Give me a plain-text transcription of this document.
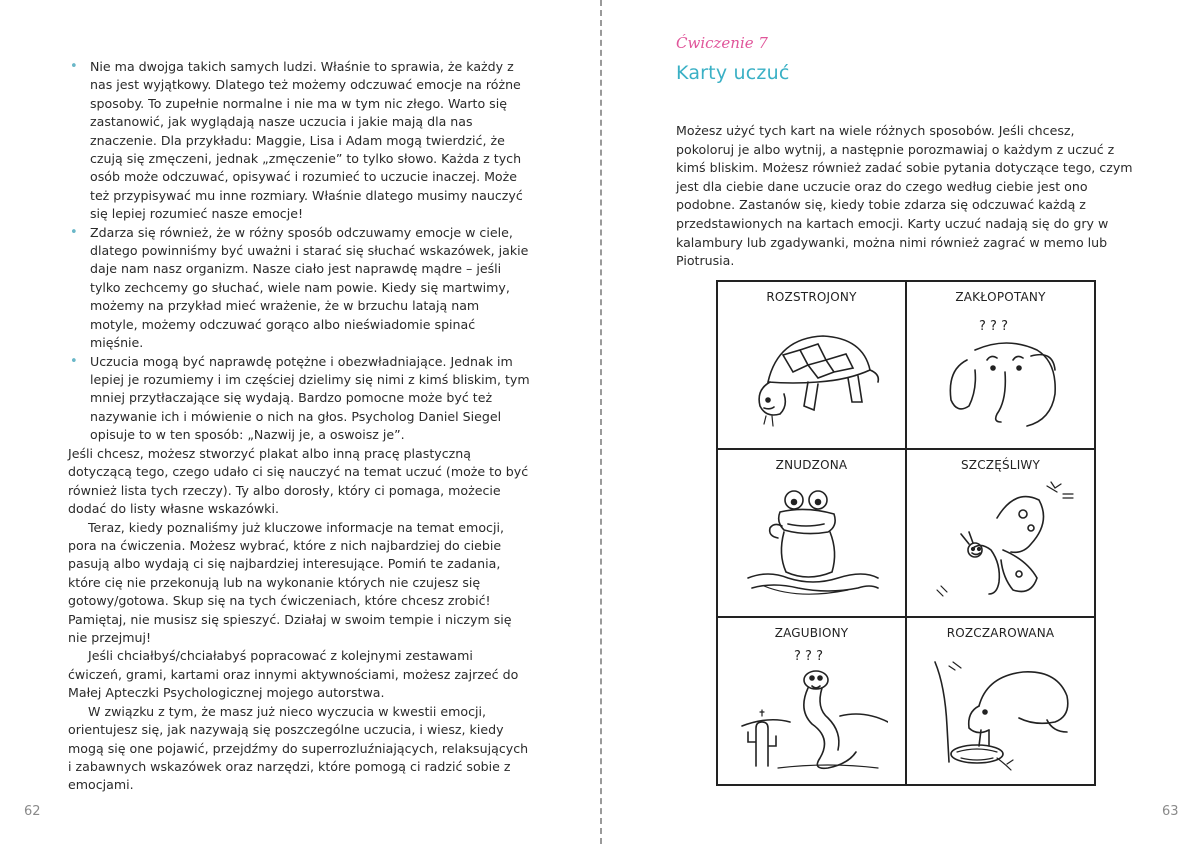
• Nie ma dwojga takich samych ludzi. Właśnie to sprawia, że każdy z nas jest wyjątkowy. Dlatego też możemy odczuwać emocje na różne sposoby. To zupełnie normalne i nie ma w tym nic złego. Warto się zastanowić, jak wyglądają nasze uczucia i jakie mają dla nas znaczenie. Dla przykładu: Maggie, Lisa i Adam mogą twierdzić, że czują się zmęczeni, jednak „zmęczenie” to tylko słowo. Każda z tych osób może odczuwać, opisywać i rozumieć to uczucie inaczej. Może też przypisywać mu inne rozmiary. Właśnie dlatego musimy nauczyć się lepiej rozumieć nasze emocje!
• Zdarza się również, że w różny sposób odczuwamy emocje w ciele, dlatego powinniśmy być uważni i starać się słuchać wskazówek, jakie daje nam nasz organizm. Nasze ciało jest naprawdę mądre – jeśli tylko zechcemy go słuchać, wiele nam powie. Kiedy się martwimy, możemy na przykład mieć wrażenie, że w brzuchu latają nam motyle, możemy odczuwać gorąco albo nieświadomie spinać mięśnie.
• Uczucia mogą być naprawdę potężne i obezwładniające. Jednak im lepiej je rozumiemy i im częściej dzielimy się nimi z kimś bliskim, tym mniej przytłaczające się wydają. Bardzo pomocne może być też nazywanie ich i mówienie o nich na głos. Psycholog Daniel Siegel opisuje to w ten sposób: „Nazwij je, a oswoisz je”.

Jeśli chcesz, możesz stworzyć plakat albo inną pracę plastyczną dotyczącą tego, czego udało ci się nauczyć na temat uczuć (może to być również lista tych rzeczy). Ty albo dorosły, który ci pomaga, możecie dodać do listy własne wskazówki.

Teraz, kiedy poznaliśmy już kluczowe informacje na temat emocji, pora na ćwiczenia. Możesz wybrać, które z nich najbardziej do ciebie pasują albo wydają ci się najbardziej interesujące. Pomiń te zadania, które cię nie przekonują lub na wykonanie których nie czujesz się gotowy/gotowa. Skup się na tych ćwiczeniach, które chcesz zrobić! Pamiętaj, nie musisz się spieszyć. Działaj w swoim tempie i niczym się nie przejmuj!

Jeśli chciałbyś/chciałabyś popracować z kolejnymi zestawami ćwiczeń, grami, kartami oraz innymi aktywnościami, możesz zajrzeć do Małej Apteczki Psychologicznej mojego autorstwa.

W związku z tym, że masz już nieco wyczucia w kwestii emocji, orientujesz się, jak nazywają się poszczególne uczucia, i wiesz, kiedy mogą się one pojawić, przejdźmy do superrozluźniających, relaksujących i zabawnych wskazówek oraz narzędzi, które pomogą ci radzić sobie z emocjami.

62
Ćwiczenie 7
Karty uczuć
Możesz użyć tych kart na wiele różnych sposobów. Jeśli chcesz, pokoloruj je albo wytnij, a następnie porozmawiaj o każdym z uczuć z kimś bliskim. Możesz również zadać sobie pytania dotyczące tego, czym jest dla ciebie dane uczucie oraz do czego według ciebie jest ono podobne. Zastanów się, kiedy tobie zdarza się odczuwać każdą z przedstawionych na kartach emocji. Karty uczuć nadają się do gry w kalambury lub zgadywanki, można nimi również zagrać w memo lub Piotrusia.
ROZSTROJONY	ZAKŁOPOTANY
? ? ?
ZNUDZONA	SZCZĘŚLIWY
ZAGUBIONY
? ? ?
ROZCZAROWANA
63
